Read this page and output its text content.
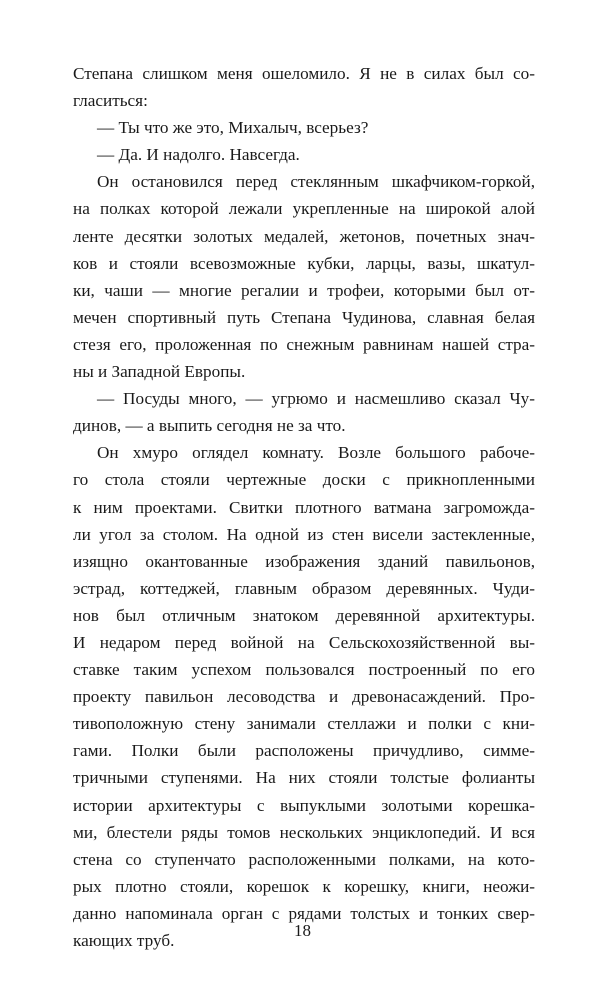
Степана слишком меня ошеломило. Я не в силах был со-
гласиться:

— Ты что же это, Михалыч, всерьез?

— Да. И надолго. Навсегда.

Он остановился перед стеклянным шкафчиком-горкой,
на полках которой лежали укрепленные на широкой алой
ленте десятки золотых медалей, жетонов, почетных знач-
ков и стояли всевозможные кубки, ларцы, вазы, шкатул-
ки, чаши — многие регалии и трофеи, которыми был от-
мечен спортивный путь Степана Чудинова, славная белая
стезя его, проложенная по снежным равнинам нашей стра-
ны и Западной Европы.

— Посуды много, — угрюмо и насмешливо сказал Чу-
динов, — а выпить сегодня не за что.

Он хмуро оглядел комнату. Возле большого рабоче-
го стола стояли чертежные доски с прикнопленными
к ним проектами. Свитки плотного ватмана загроможда-
ли угол за столом. На одной из стен висели застекленные,
изящно окантованные изображения зданий павильонов,
эстрад, коттеджей, главным образом деревянных. Чуди-
нов был отличным знатоком деревянной архитектуры.
И недаром перед войной на Сельскохозяйственной вы-
ставке таким успехом пользовался построенный по его
проекту павильон лесоводства и древонасаждений. Про-
тивоположную стену занимали стеллажи и полки с кни-
гами. Полки были расположены причудливо, симме-
тричными ступенями. На них стояли толстые фолианты
истории архитектуры с выпуклыми золотыми корешка-
ми, блестели ряды томов нескольких энциклопедий. И вся
стена со ступенчато расположенными полками, на кото-
рых плотно стояли, корешок к корешку, книги, неожи-
данно напоминала орган с рядами толстых и тонких свер-
кающих труб.

18
